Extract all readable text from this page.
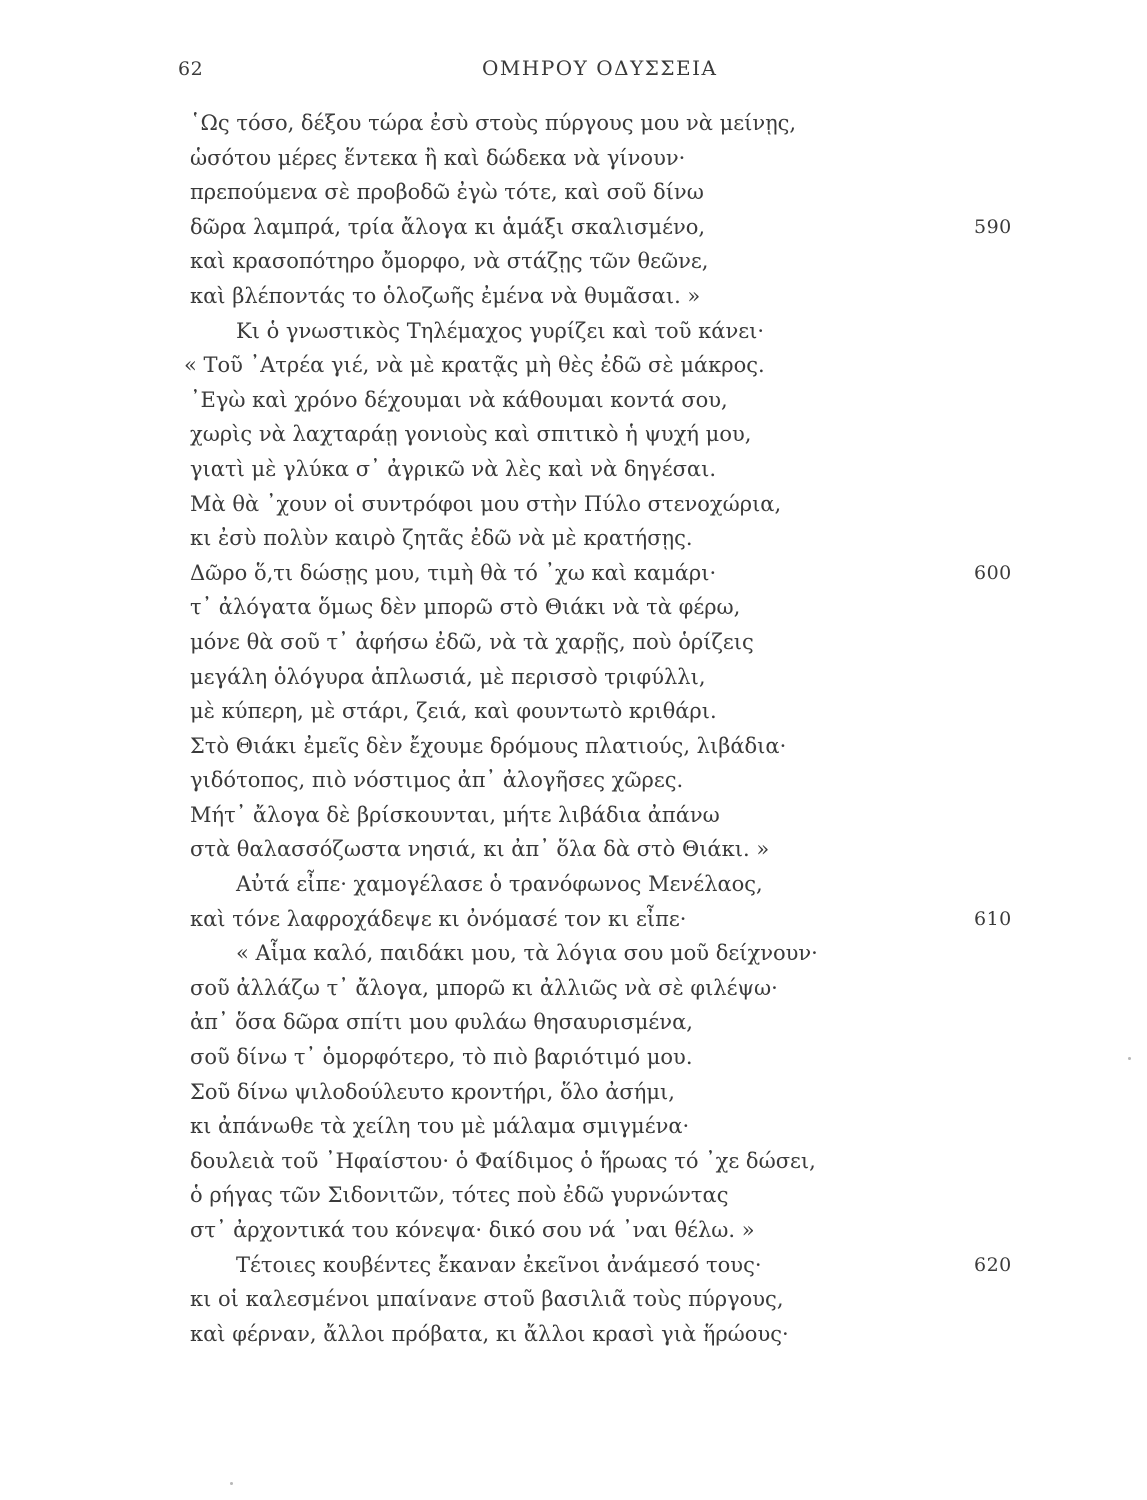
62	ΟΜΗΡΟΥ ΟΔΥΣΣΕΙΑ
῾Ως τόσο, δέξου τώρα ἐσὺ στοὺς πύργους μου νὰ μείνῃς,
ὡσότου μέρες ἕντεκα ἢ καὶ δώδεκα νὰ γίνουν·
πρεπούμενα σὲ προβοδῶ ἐγὼ τότε, καὶ σοῦ δίνω
δῶρα λαμπρά, τρία ἄλογα κι ἁμάξι σκαλισμένο,	590
καὶ κρασοπότηρο ὄμορφο, νὰ στάζῃς τῶν θεῶνε,
καὶ βλέποντάς το ὁλοζωῆς ἐμένα νὰ θυμᾶσαι. »
Κι ὁ γνωστικὸς Τηλέμαχος γυρίζει καὶ τοῦ κάνει·
« Τοῦ ᾿Ατρέα γιέ, νὰ μὲ κρατᾷς μὴ θὲς ἐδῶ σὲ μάκρος.
᾿Εγὼ καὶ χρόνο δέχουμαι νὰ κάθουμαι κοντά σου,
χωρὶς νὰ λαχταράῃ γονιοὺς καὶ σπιτικὸ ἡ ψυχή μου,
γιατὶ μὲ γλύκα σ᾿ ἀγρικῶ νὰ λὲς καὶ νὰ δηγέσαι.
Μὰ θὰ ᾿χουν οἱ συντρόφοι μου στὴν Πύλο στενοχώρια,
κι ἐσὺ πολὺν καιρὸ ζητᾶς ἐδῶ νὰ μὲ κρατήσῃς.
Δῶρο ὅ,τι δώσῃς μου, τιμὴ θὰ τό ᾿χω καὶ καμάρι·	600
τ᾿ ἀλόγατα ὅμως δὲν μπορῶ στὸ Θιάκι νὰ τὰ φέρω,
μόνε θὰ σοῦ τ᾿ ἀφήσω ἐδῶ, νὰ τὰ χαρῇς, ποὺ ὁρίζεις
μεγάλη ὁλόγυρα ἁπλωσιά, μὲ περισσὸ τριφύλλι,
μὲ κύπερη, μὲ στάρι, ζειά, καὶ φουντωτὸ κριθάρι.
Στὸ Θιάκι ἐμεῖς δὲν ἔχουμε δρόμους πλατιούς, λιβάδια·
γιδότοπος, πιὸ νόστιμος ἀπ᾿ ἀλογῆσες χῶρες.
Μήτ᾿ ἄλογα δὲ βρίσκουνται, μήτε λιβάδια ἀπάνω
στὰ θαλασσόζωστα νησιά, κι ἀπ᾿ ὅλα δὰ στὸ Θιάκι. »
Αὐτά εἶπε· χαμογέλασε ὁ τρανόφωνος Μενέλαος,
καὶ τόνε λαφροχάδεψε κι ὀνόμασέ τον κι εἶπε·	610
« Αἷμα καλό, παιδάκι μου, τὰ λόγια σου μοῦ δείχνουν·
σοῦ ἀλλάζω τ᾿ ἄλογα, μπορῶ κι ἀλλιῶς νὰ σὲ φιλέψω·
ἀπ᾿ ὅσα δῶρα σπίτι μου φυλάω θησαυρισμένα,
σοῦ δίνω τ᾿ ὁμορφότερο, τὸ πιὸ βαριότιμό μου.
Σοῦ δίνω ψιλοδούλευτο κροντήρι, ὅλο ἀσήμι,
κι ἀπάνωθε τὰ χείλη του μὲ μάλαμα σμιγμένα·
δουλειὰ τοῦ ᾿Ηφαίστου· ὁ Φαίδιμος ὁ ἥρωας τό ᾿χε δώσει,
ὁ ρήγας τῶν Σιδονιτῶν, τότες ποὺ ἐδῶ γυρνώντας
στ᾿ ἀρχοντικά του κόνεψα· δικό σου νά ᾿ναι θέλω. »
Τέτοιες κουβέντες ἔκαναν ἐκεῖνοι ἀνάμεσό τους·	620
κι οἱ καλεσμένοι μπαίνανε στοῦ βασιλιᾶ τοὺς πύργους,
καὶ φέρναν, ἄλλοι πρόβατα, κι ἄλλοι κρασὶ γιὰ ἥρώους·
